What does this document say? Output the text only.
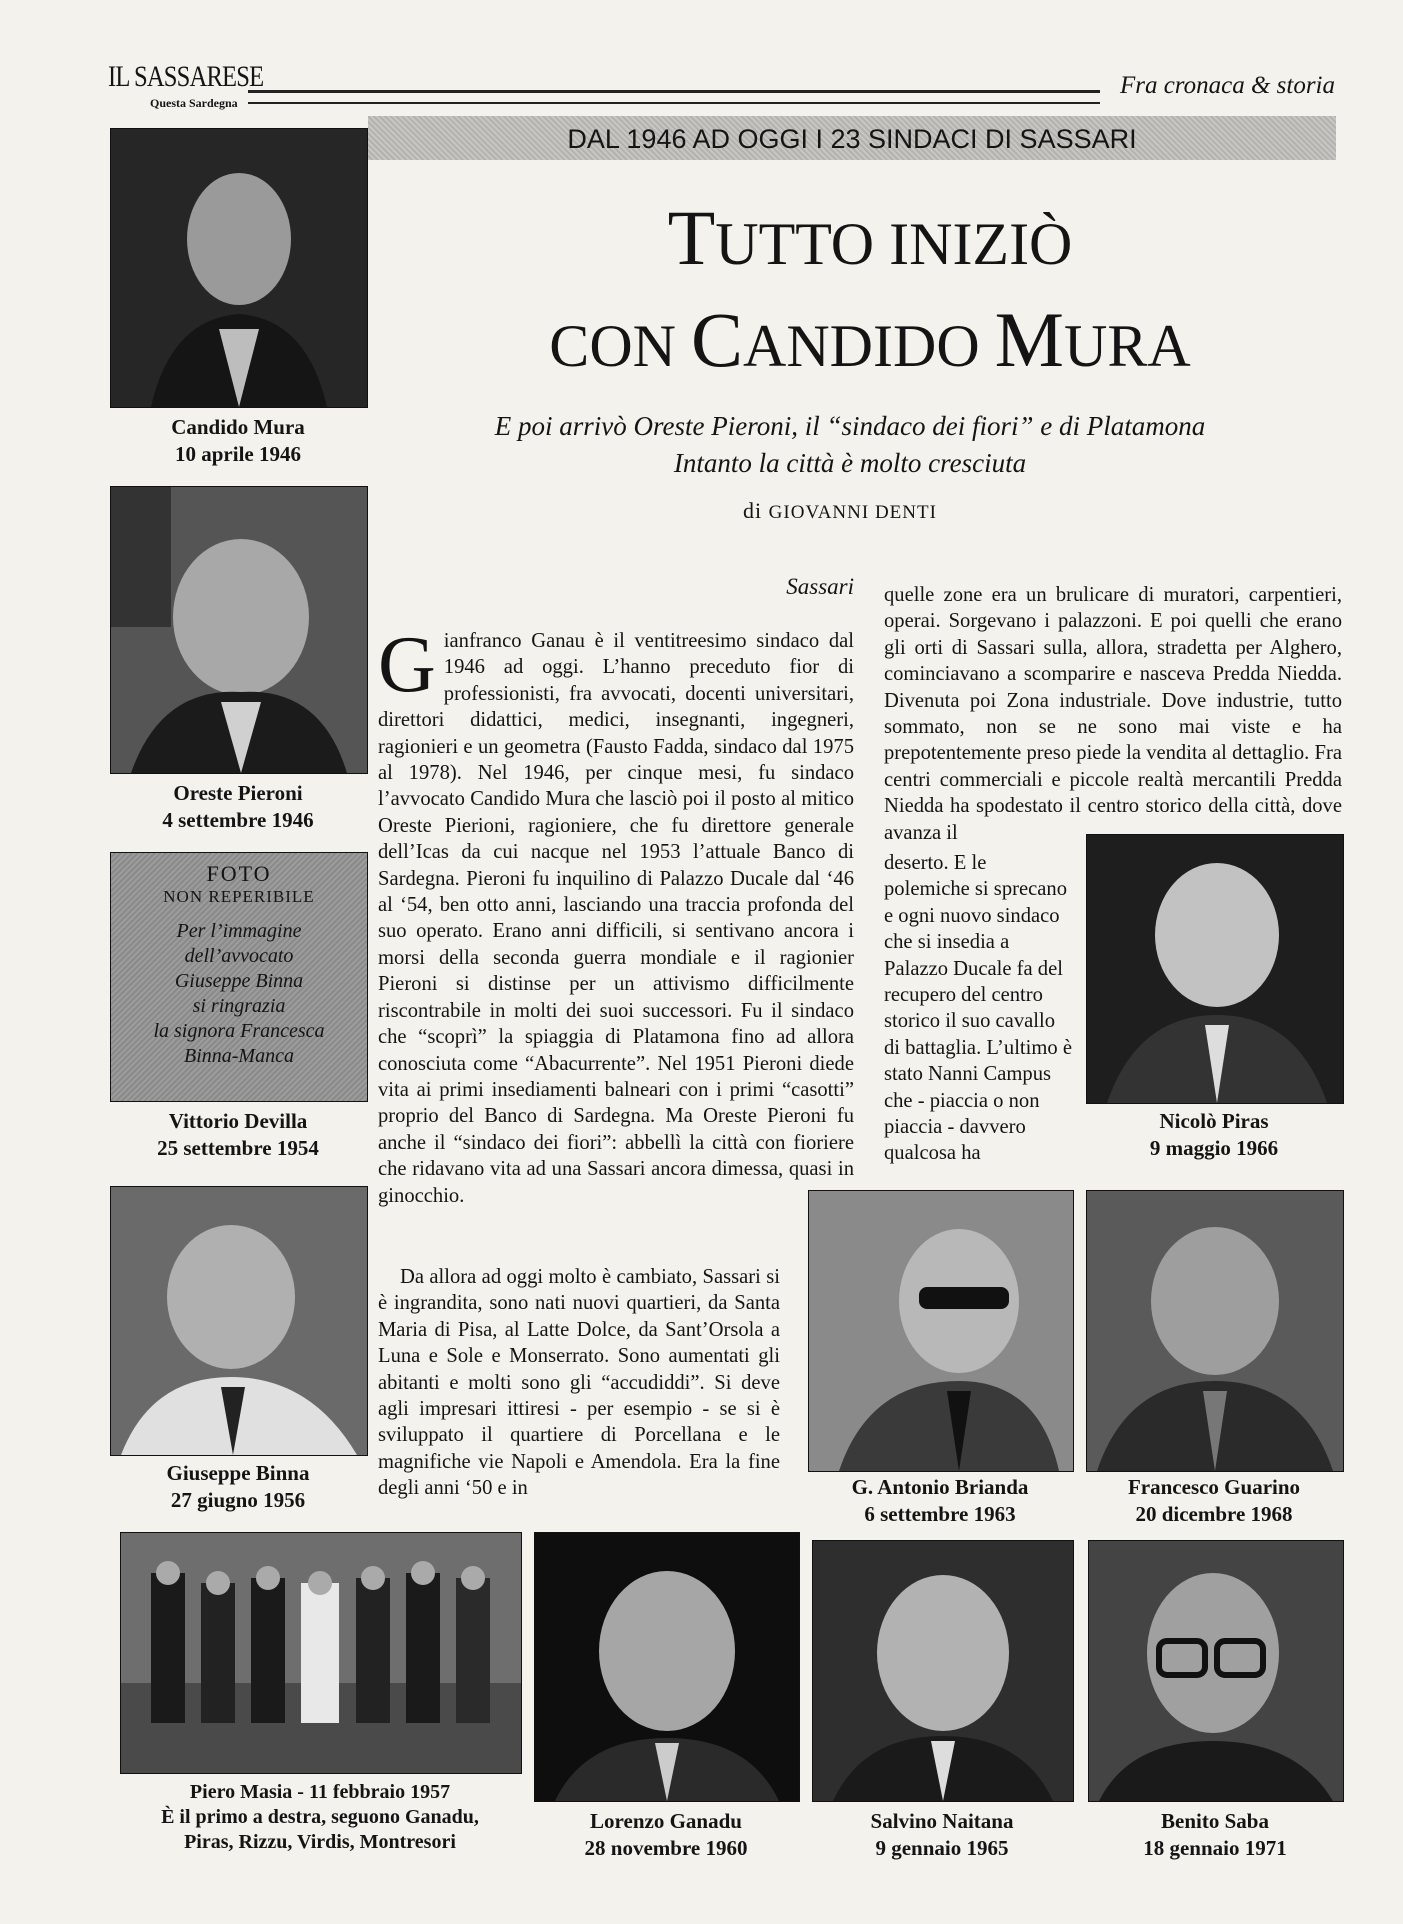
IL SASSARESE
Questa Sardegna
Fra cronaca & storia
DAL 1946 AD OGGI I 23 SINDACI DI SASSARI
TUTTO INIZIÒ
CON CANDIDO MURA
E poi arrivò Oreste Pieroni, il “sindaco dei fiori” e di Platamona
Intanto la città è molto cresciuta
di GIOVANNI DENTI
Sassari

Gianfranco Ganau è il ventitreesimo sindaco dal 1946 ad oggi. L’hanno preceduto fior di professionisti, fra avvocati, docenti universitari, direttori didattici, medici, insegnanti, ingegneri, ragionieri e un geometra (Fausto Fadda, sindaco dal 1975 al 1978). Nel 1946, per cinque mesi, fu sindaco l’avvocato Candido Mura che lasciò poi il posto al mitico Oreste Pierioni, ragioniere, che fu direttore generale dell’Icas da cui nacque nel 1953 l’attuale Banco di Sardegna. Pieroni fu inquilino di Palazzo Ducale dal ‘46 al ‘54, ben otto anni, lasciando una traccia profonda del suo operato. Erano anni difficili, si sentivano ancora i morsi della seconda guerra mondiale e il ragionier Pieroni si distinse per un attivismo difficilmente riscontrabile in molti dei suoi successori. Fu il sindaco che “scoprì” la spiaggia di Platamona fino ad allora conosciuta come “Abacurrente”. Nel 1951 Pieroni diede vita ai primi insediamenti balneari con i primi “casotti” proprio del Banco di Sardegna. Ma Oreste Pieroni fu anche il “sindaco dei fiori”: abbellì la città con fioriere che ridavano vita ad una Sassari ancora dimessa, quasi in ginocchio.

Da allora ad oggi molto è cambiato, Sassari si è ingrandita, sono nati nuovi quartieri, da Santa Maria di Pisa, al Latte Dolce, da Sant’Orsola a Luna e Sole e Monserrato. Sono aumentati gli abitanti e molti sono gli “accudiddi”. Si deve agli impresari ittiresi - per esempio - se si è sviluppato il quartiere di Porcellana e le magnifiche vie Napoli e Amendola. Era la fine degli anni ‘50 e in

quelle zone era un brulicare di muratori, carpentieri, operai. Sorgevano i palazzoni. E poi quelli che erano gli orti di Sassari sulla, allora, stradetta per Alghero, cominciavano a scomparire e nasceva Predda Niedda. Divenuta poi Zona industriale. Dove industrie, tutto sommato, non se ne sono mai viste e ha prepotentemente preso piede la vendita al dettaglio. Fra centri commerciali e piccole realtà mercantili Predda Niedda ha spodestato il centro storico della città, dove avanza il

deserto. E le polemiche si sprecano e ogni nuovo sindaco che si insedia a Palazzo Ducale fa del recupero del centro storico il suo cavallo di battaglia. L’ultimo è stato Nanni Campus che - piaccia o non piaccia - davvero qualcosa ha

Candido Mura
10 aprile 1946
Oreste Pieroni
4 settembre 1946
FOTO
NON REPERIBILE
Per l’immagine
dell’avvocato
Giuseppe Binna
si ringrazia
la signora Francesca
Binna-Manca
Vittorio Devilla
25 settembre 1954
Giuseppe Binna
27 giugno 1956
Nicolò Piras
9 maggio 1966
G. Antonio Brianda
6 settembre 1963
Francesco Guarino
20 dicembre 1968
Piero Masia - 11 febbraio 1957
È il primo a destra, seguono Ganadu,
Piras, Rizzu, Virdis, Montresori
Lorenzo Ganadu
28 novembre 1960
Salvino Naitana
9 gennaio 1965
Benito Saba
18 gennaio 1971
